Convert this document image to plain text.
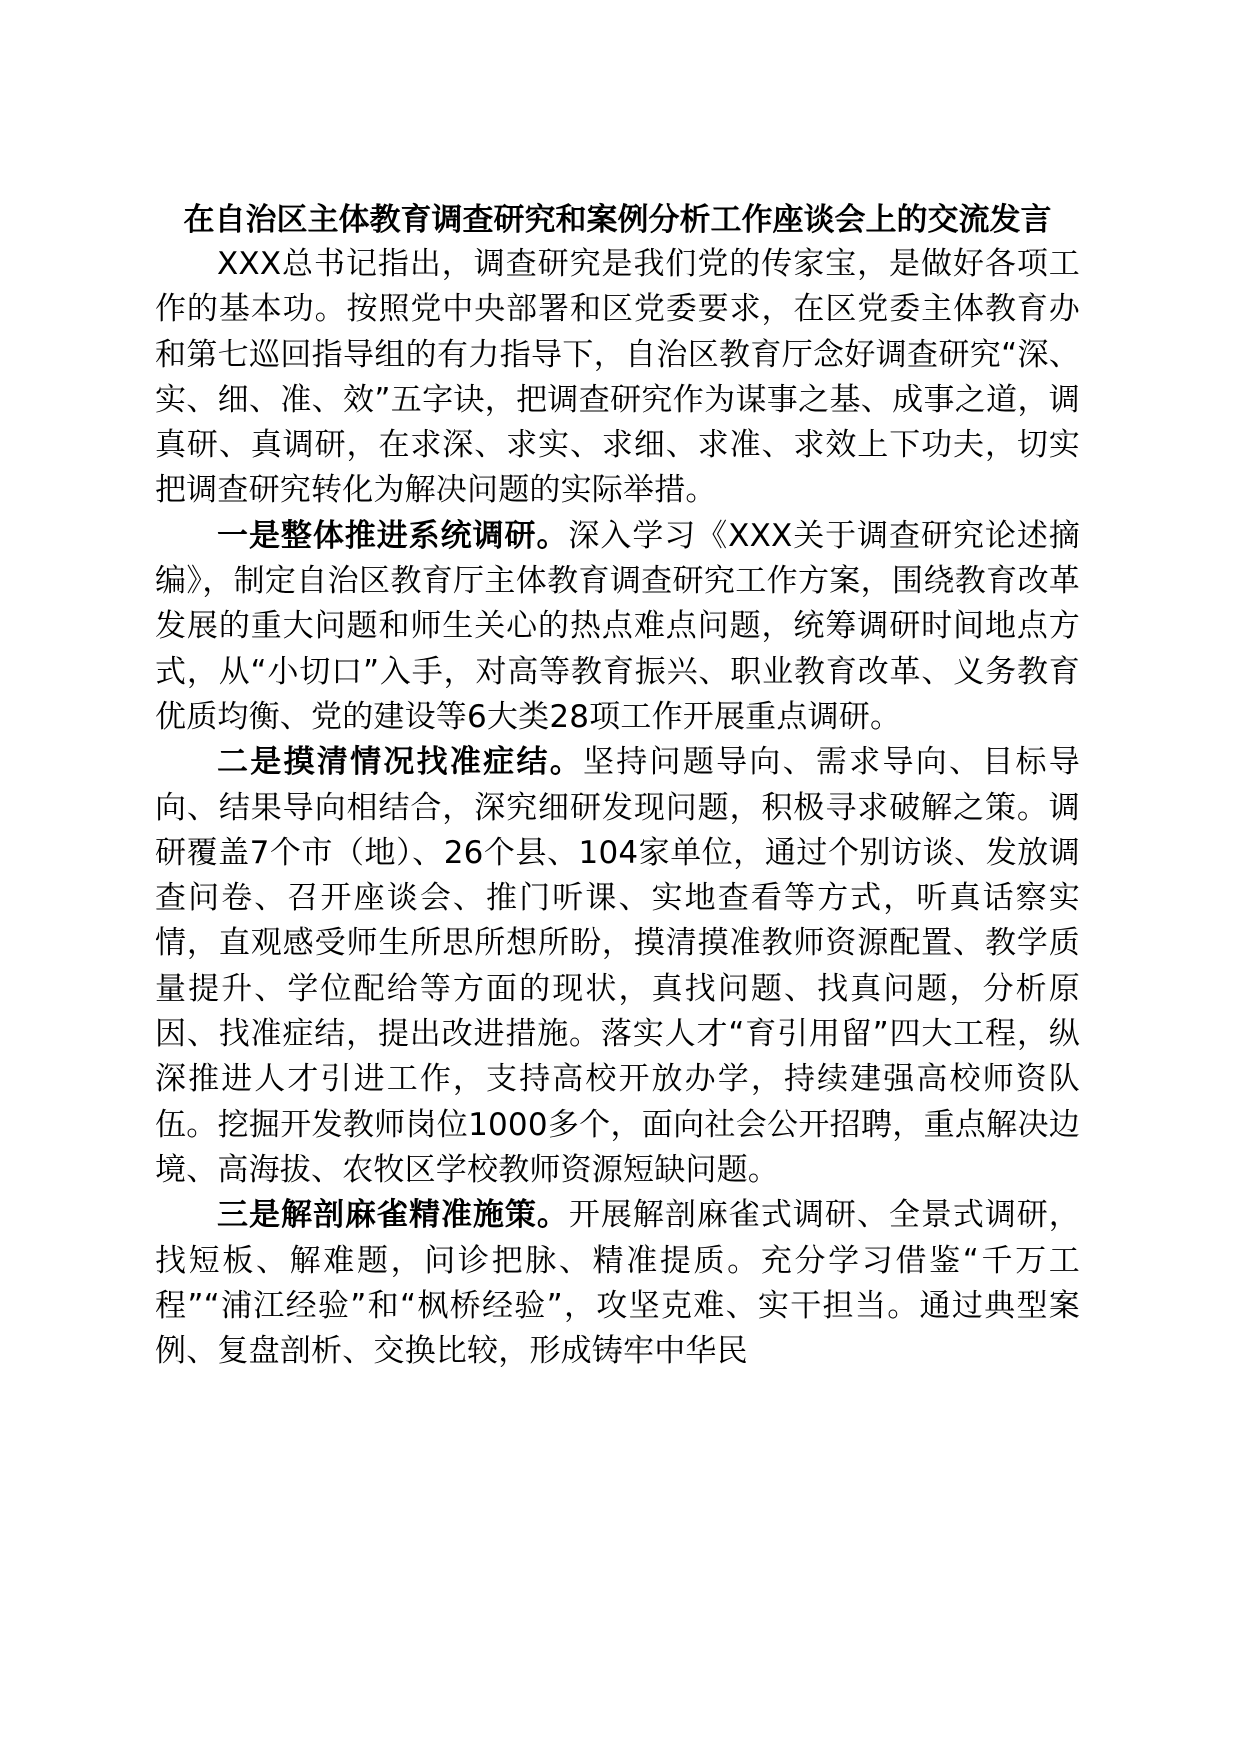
在自治区主体教育调查研究和案例分析工作座谈会上的交流发言

XXX总书记指出，调查研究是我们党的传家宝，是做好各项工作的基本功。按照党中央部署和区党委要求，在区党委主体教育办和第七巡回指导组的有力指导下，自治区教育厅念好调查研究“深、实、细、准、效”五字诀，把调查研究作为谋事之基、成事之道，调真研、真调研，在求深、求实、求细、求准、求效上下功夫，切实把调查研究转化为解决问题的实际举措。

一是整体推进系统调研。深入学习《XXX关于调查研究论述摘编》，制定自治区教育厅主体教育调查研究工作方案，围绕教育改革发展的重大问题和师生关心的热点难点问题，统筹调研时间地点方式，从“小切口”入手，对高等教育振兴、职业教育改革、义务教育优质均衡、党的建设等6大类28项工作开展重点调研。

二是摸清情况找准症结。坚持问题导向、需求导向、目标导向、结果导向相结合，深究细研发现问题，积极寻求破解之策。调研覆盖7个市（地）、26个县、104家单位，通过个别访谈、发放调查问卷、召开座谈会、推门听课、实地查看等方式，听真话察实情，直观感受师生所思所想所盼，摸清摸准教师资源配置、教学质量提升、学位配给等方面的现状，真找问题、找真问题，分析原因、找准症结，提出改进措施。落实人才“育引用留”四大工程，纵深推进人才引进工作，支持高校开放办学，持续建强高校师资队伍。挖掘开发教师岗位1000多个，面向社会公开招聘，重点解决边境、高海拔、农牧区学校教师资源短缺问题。

三是解剖麻雀精准施策。开展解剖麻雀式调研、全景式调研，找短板、解难题，问诊把脉、精准提质。充分学习借鉴“千万工程”“浦江经验”和“枫桥经验”，攻坚克难、实干担当。通过典型案例、复盘剖析、交换比较，形成铸牢中华民
